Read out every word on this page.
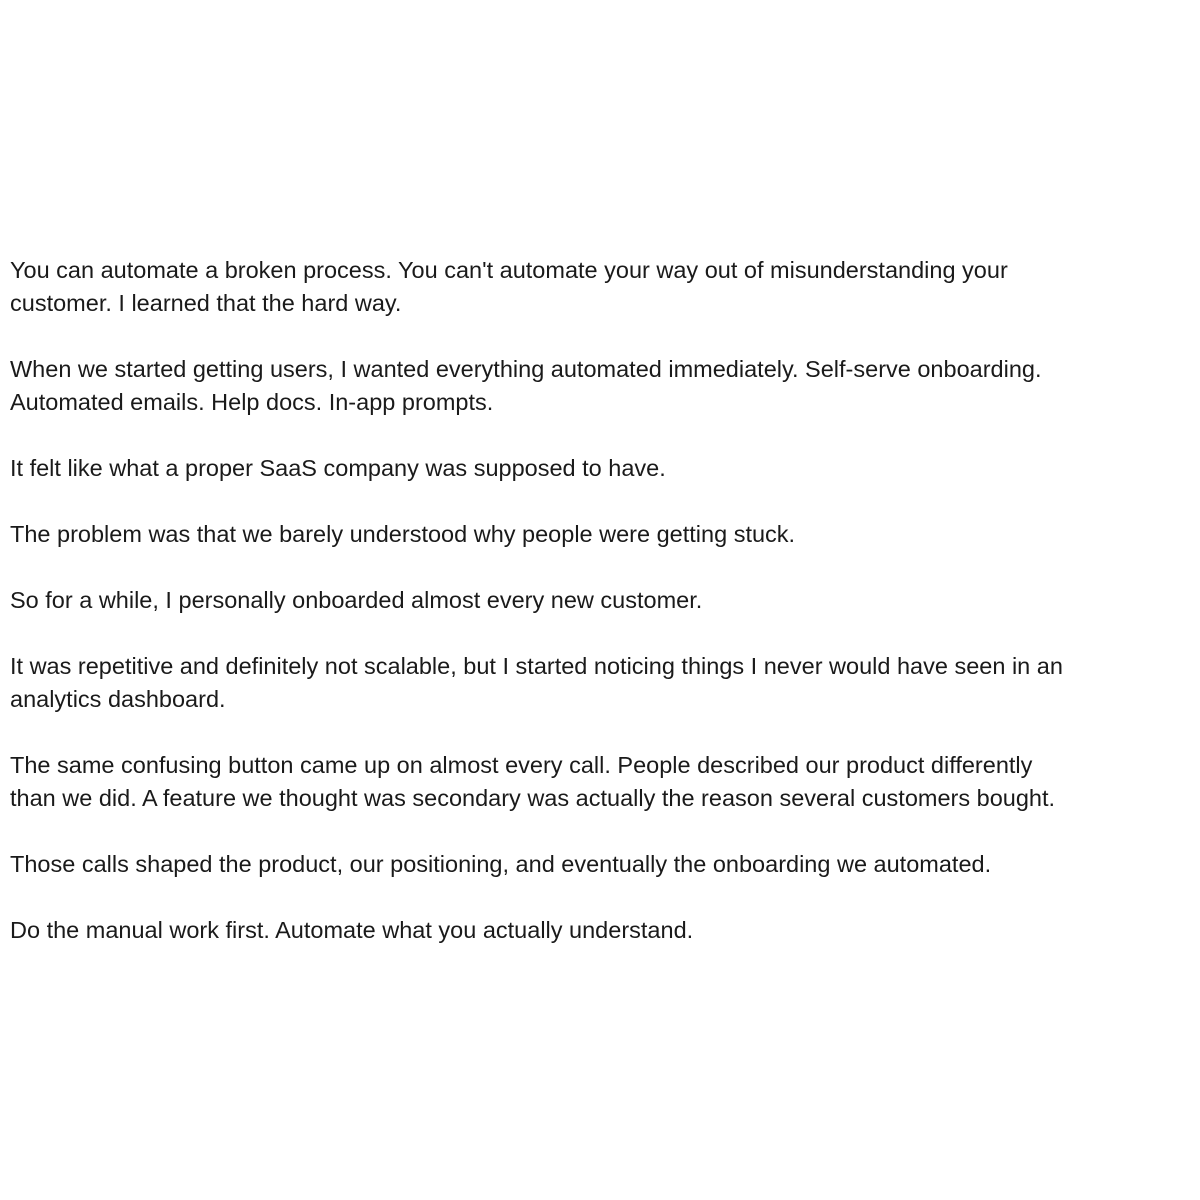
You can automate a broken process. You can't automate your way out of misunderstanding your
customer. I learned that the hard way.

When we started getting users, I wanted everything automated immediately. Self-serve onboarding.
Automated emails. Help docs. In-app prompts.

It felt like what a proper SaaS company was supposed to have.

The problem was that we barely understood why people were getting stuck.

So for a while, I personally onboarded almost every new customer.

It was repetitive and definitely not scalable, but I started noticing things I never would have seen in an
analytics dashboard.

The same confusing button came up on almost every call. People described our product differently
than we did. A feature we thought was secondary was actually the reason several customers bought.

Those calls shaped the product, our positioning, and eventually the onboarding we automated.

Do the manual work first. Automate what you actually understand.
